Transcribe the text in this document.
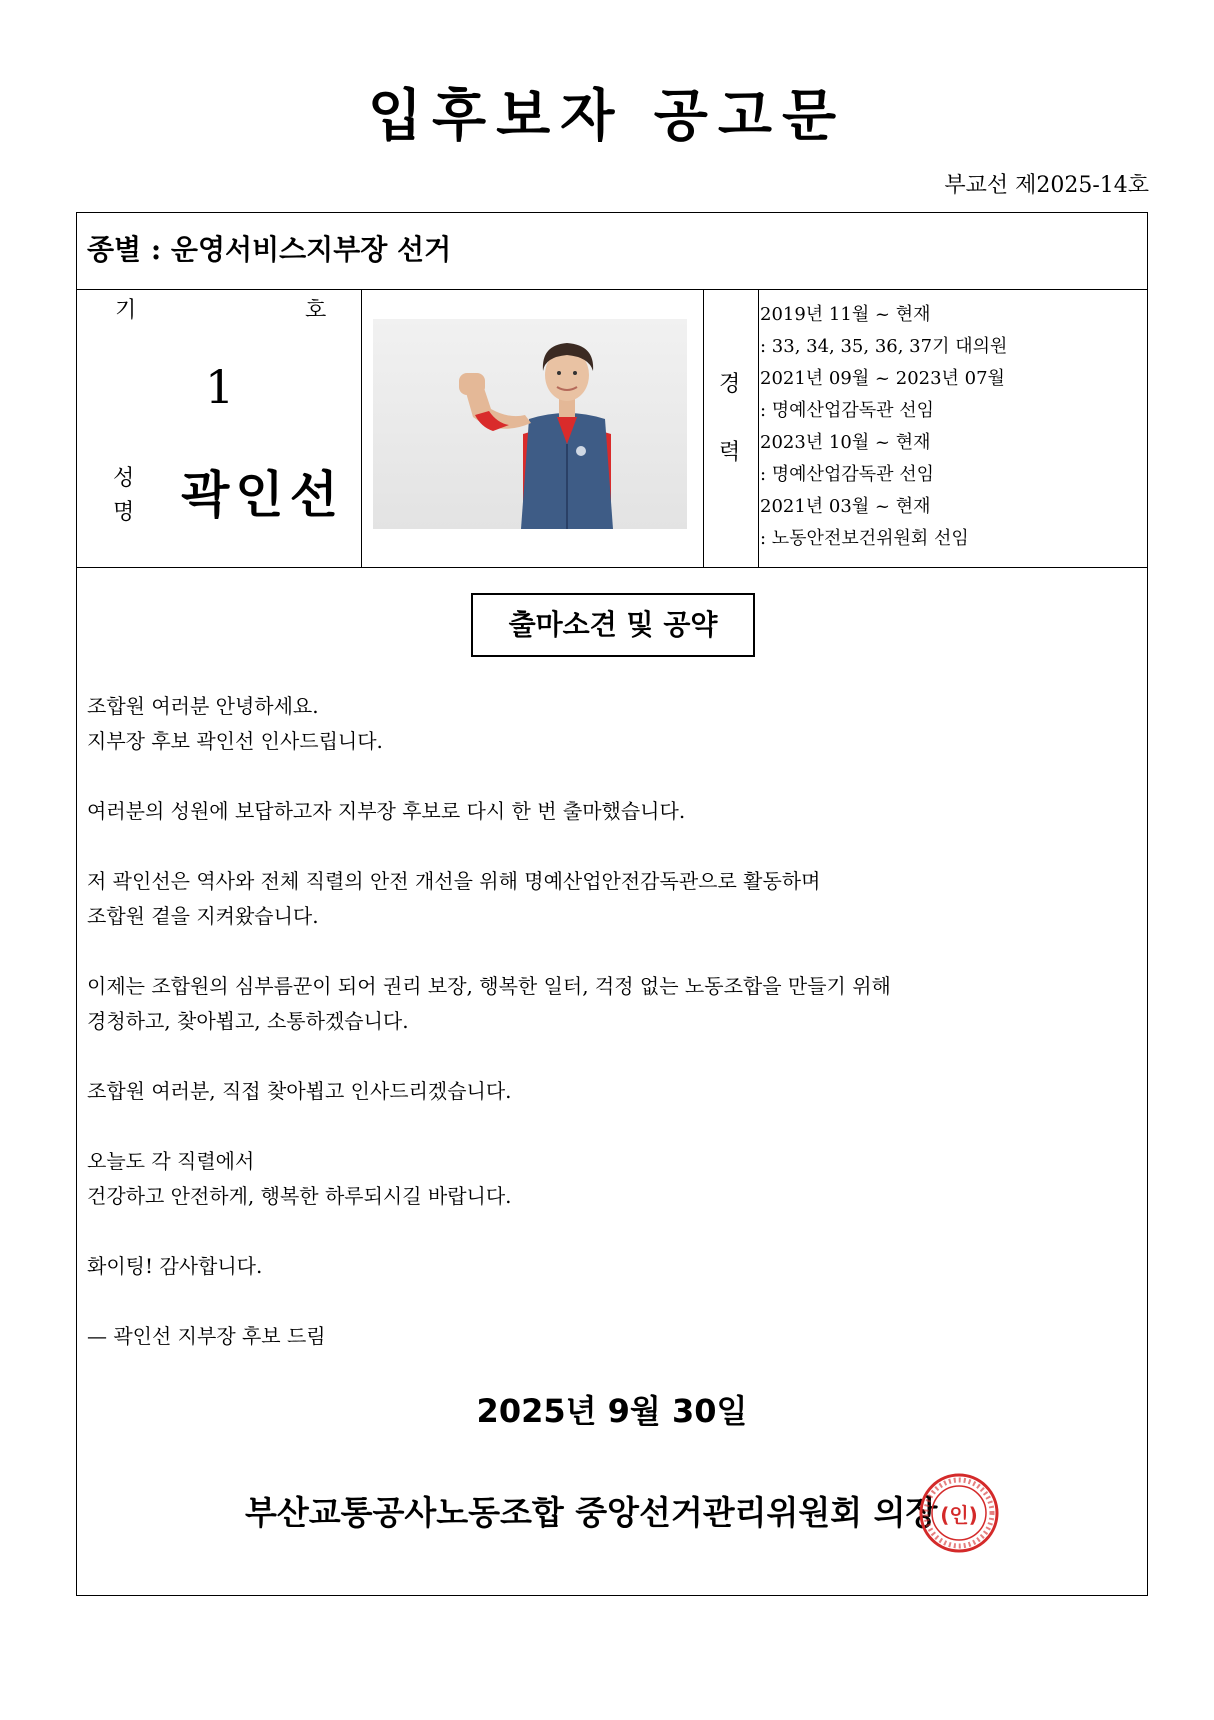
입후보자 공고문
부교선 제2025-14호
종별 : 운영서비스지부장 선거
기	호
1
성
명 곽인선
경
력
2019년 11월 ~ 현재
: 33, 34, 35, 36, 37기 대의원
2021년 09월 ~ 2023년 07월
: 명예산업감독관 선임
2023년 10월 ~ 현재
: 명예산업감독관 선임
2021년 03월 ~ 현재
: 노동안전보건위원회 선임
출마소견 및 공약
조합원 여러분 안녕하세요.
지부장 후보 곽인선 인사드립니다.
여러분의 성원에 보답하고자 지부장 후보로 다시 한 번 출마했습니다.
저 곽인선은 역사와 전체 직렬의 안전 개선을 위해 명예산업안전감독관으로 활동하며
조합원 곁을 지켜왔습니다.
이제는 조합원의 심부름꾼이 되어 권리 보장, 행복한 일터, 걱정 없는 노동조합을 만들기 위해
경청하고, 찾아뵙고, 소통하겠습니다.
조합원 여러분, 직접 찾아뵙고 인사드리겠습니다.
오늘도 각 직렬에서
건강하고 안전하게, 행복한 하루되시길 바랍니다.
화이팅! 감사합니다.
— 곽인선 지부장 후보 드림
2025년 9월 30일
부산교통공사노동조합 중앙선거관리위원회 의장 (인)
